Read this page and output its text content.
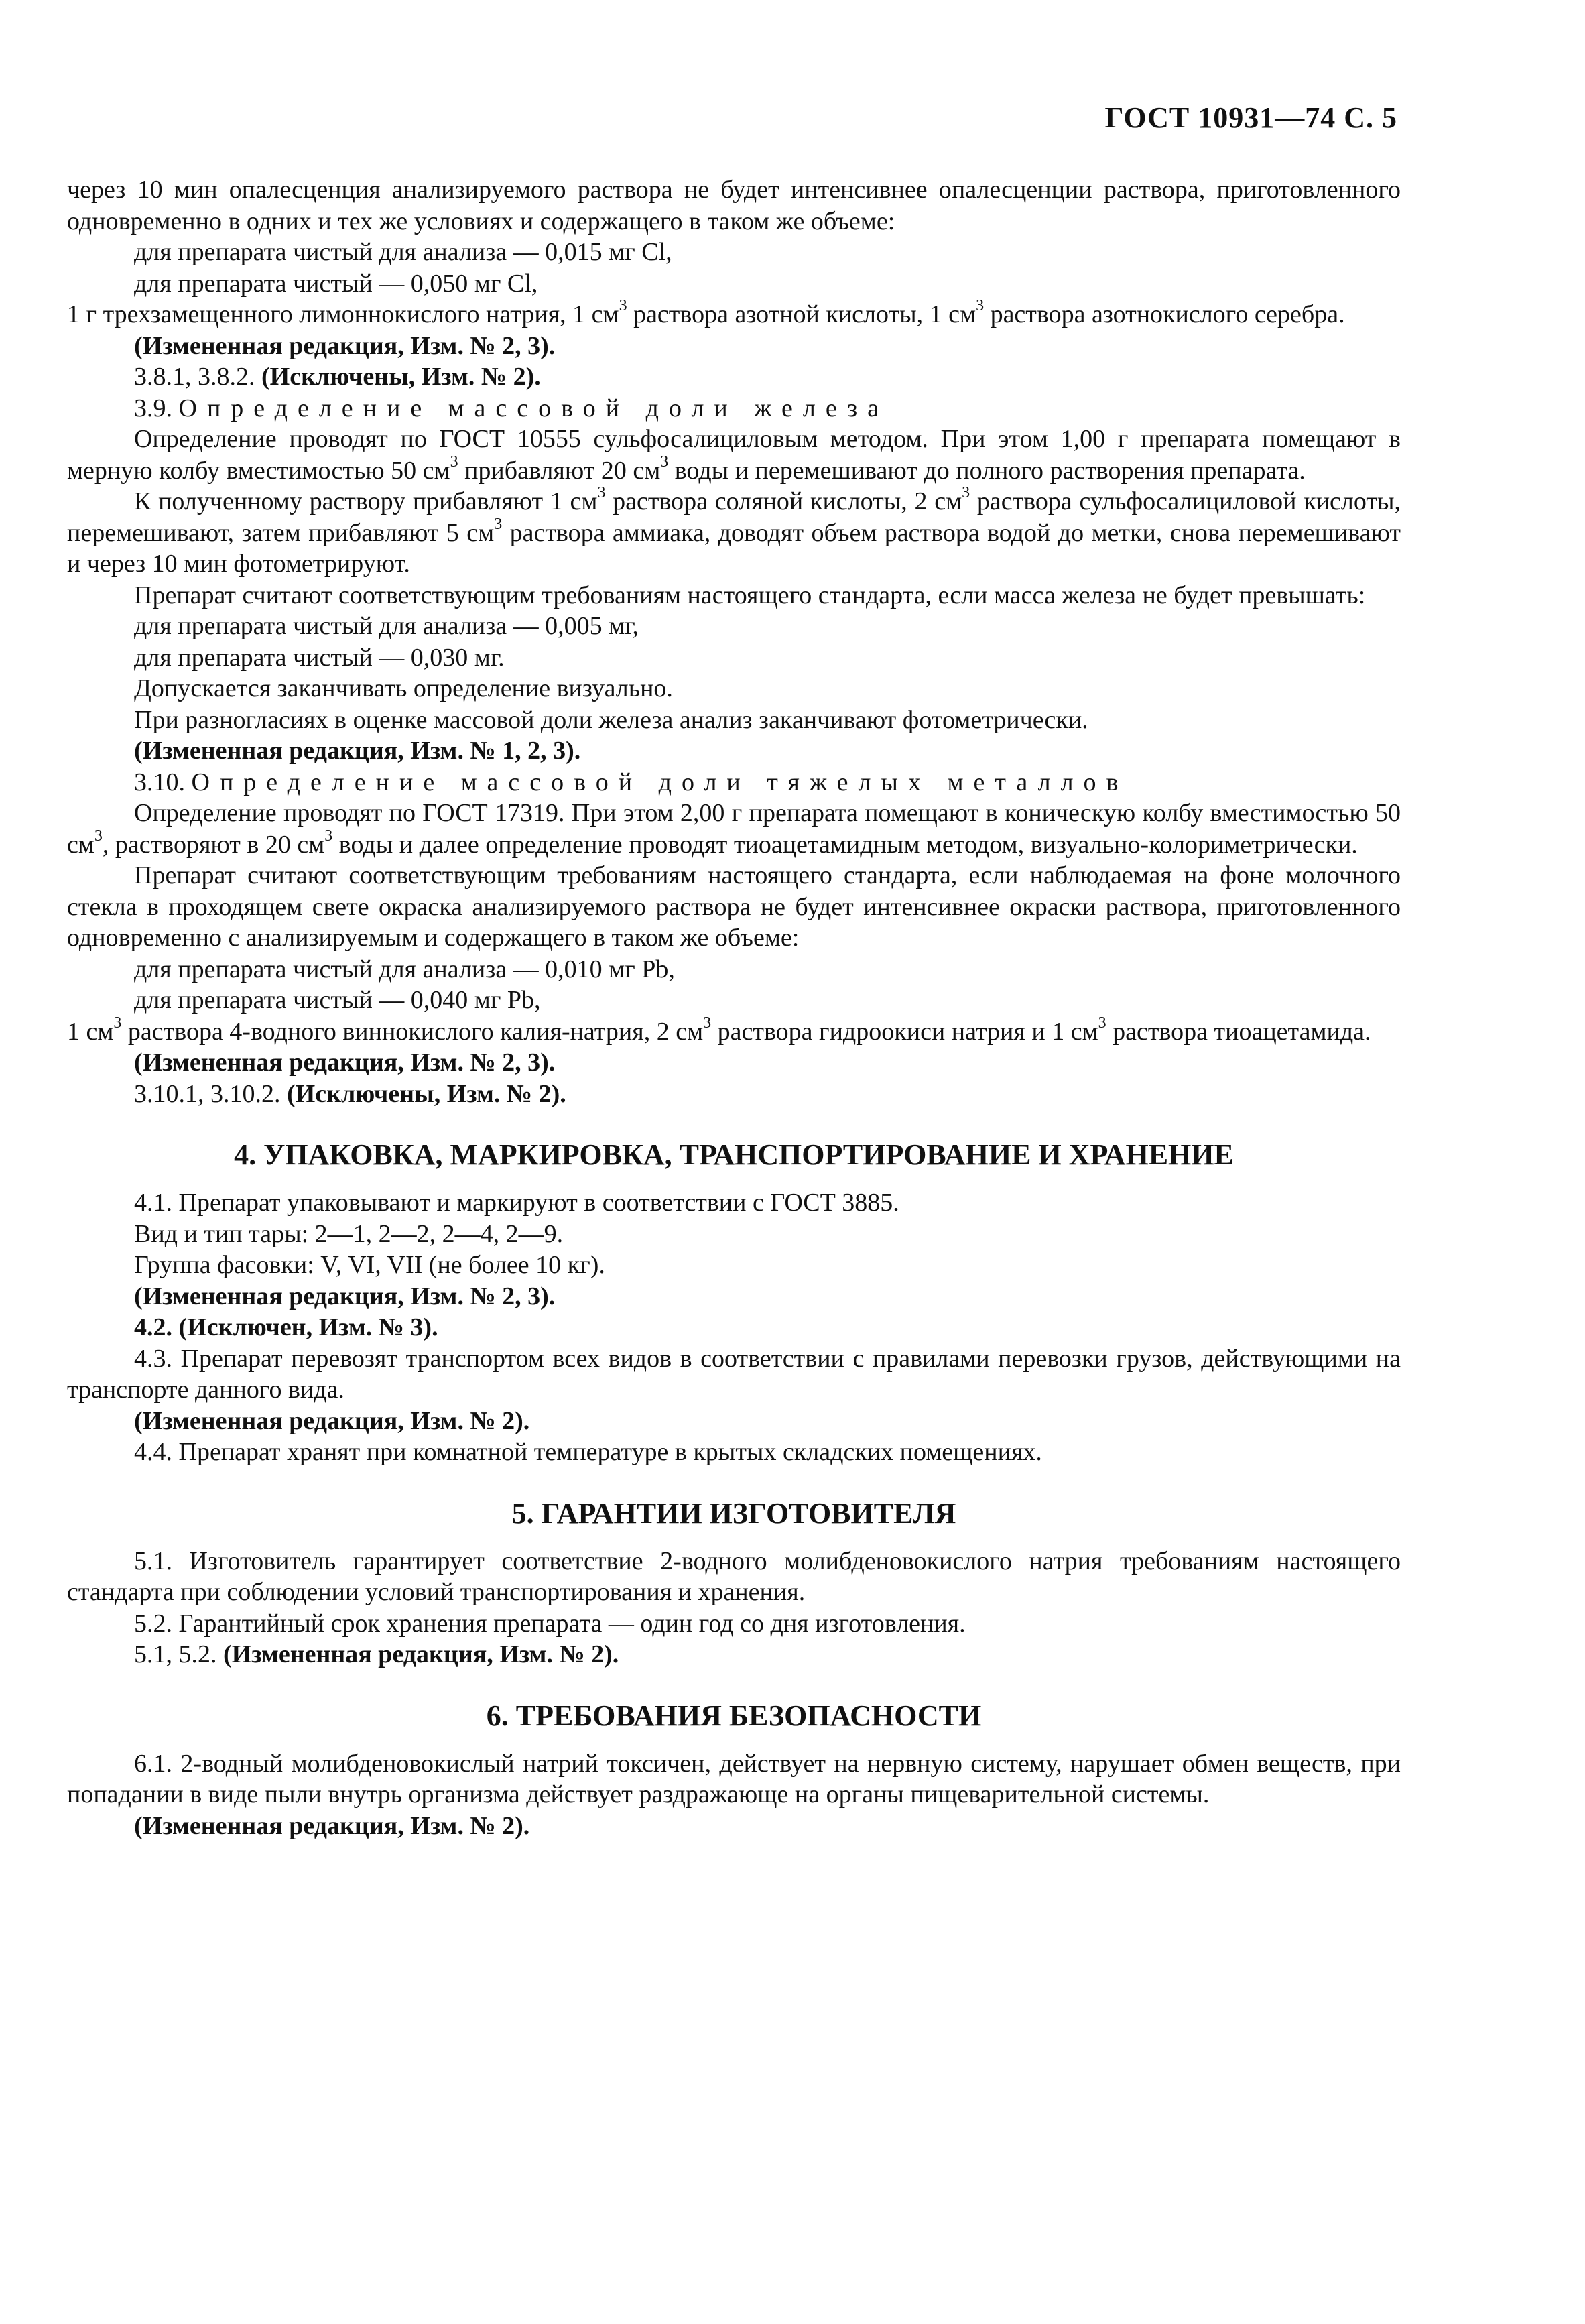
ГОСТ 10931—74 С. 5

через 10 мин опалесценция анализируемого раствора не будет интенсивнее опалесценции раствора, приготовленного одновременно в одних и тех же условиях и содержащего в таком же объеме:

для препарата чистый для анализа — 0,015 мг Cl,

для препарата чистый — 0,050 мг Cl,

1 г трехзамещенного лимоннокислого натрия, 1 $см^3$ раствора азотной кислоты, 1 $см^3$ раствора азотнокислого серебра.

(Измененная редакция, Изм. № 2, 3).

3.8.1, 3.8.2. (Исключены, Изм. № 2).

3.9. Определение массовой доли железа

Определение проводят по ГОСТ 10555 сульфосалициловым методом. При этом 1,00 г препарата помещают в мерную колбу вместимостью 50 $см^3$ прибавляют 20 $см^3$ воды и перемешивают до полного растворения препарата.

К полученному раствору прибавляют 1 $см^3$ раствора соляной кислоты, 2 $см^3$ раствора сульфосалициловой кислоты, перемешивают, затем прибавляют 5 $см^3$ раствора аммиака, доводят объем раствора водой до метки, снова перемешивают и через 10 мин фотометрируют.

Препарат считают соответствующим требованиям настоящего стандарта, если масса железа не будет превышать:

для препарата чистый для анализа — 0,005 мг,

для препарата чистый — 0,030 мг.

Допускается заканчивать определение визуально.

При разногласиях в оценке массовой доли железа анализ заканчивают фотометрически.

(Измененная редакция, Изм. № 1, 2, 3).

3.10. Определение массовой доли тяжелых металлов

Определение проводят по ГОСТ 17319. При этом 2,00 г препарата помещают в коническую колбу вместимостью 50 $см^3$, растворяют в 20 $см^3$ воды и далее определение проводят тиоацетамидным методом, визуально-колориметрически.

Препарат считают соответствующим требованиям настоящего стандарта, если наблюдаемая на фоне молочного стекла в проходящем свете окраска анализируемого раствора не будет интенсивнее окраски раствора, приготовленного одновременно с анализируемым и содержащего в таком же объеме:

для препарата чистый для анализа — 0,010 мг Pb,

для препарата чистый — 0,040 мг Pb,

1 $см^3$ раствора 4-водного виннокислого калия-натрия, 2 $см^3$ раствора гидроокиси натрия и 1 $см^3$ раствора тиоацетамида.

(Измененная редакция, Изм. № 2, 3).

3.10.1, 3.10.2. (Исключены, Изм. № 2).

4. УПАКОВКА, МАРКИРОВКА, ТРАНСПОРТИРОВАНИЕ И ХРАНЕНИЕ

4.1. Препарат упаковывают и маркируют в соответствии с ГОСТ 3885.

Вид и тип тары: 2—1, 2—2, 2—4, 2—9.

Группа фасовки: V, VI, VII (не более 10 кг).

(Измененная редакция, Изм. № 2, 3).

4.2. (Исключен, Изм. № 3).

4.3. Препарат перевозят транспортом всех видов в соответствии с правилами перевозки грузов, действующими на транспорте данного вида.

(Измененная редакция, Изм. № 2).

4.4. Препарат хранят при комнатной температуре в крытых складских помещениях.

5. ГАРАНТИИ ИЗГОТОВИТЕЛЯ

5.1. Изготовитель гарантирует соответствие 2-водного молибденовокислого натрия требованиям настоящего стандарта при соблюдении условий транспортирования и хранения.

5.2. Гарантийный срок хранения препарата — один год со дня изготовления.

5.1, 5.2. (Измененная редакция, Изм. № 2).

6. ТРЕБОВАНИЯ БЕЗОПАСНОСТИ

6.1. 2-водный молибденовокислый натрий токсичен, действует на нервную систему, нарушает обмен веществ, при попадании в виде пыли внутрь организма действует раздражающе на органы пищеварительной системы.

(Измененная редакция, Изм. № 2).
